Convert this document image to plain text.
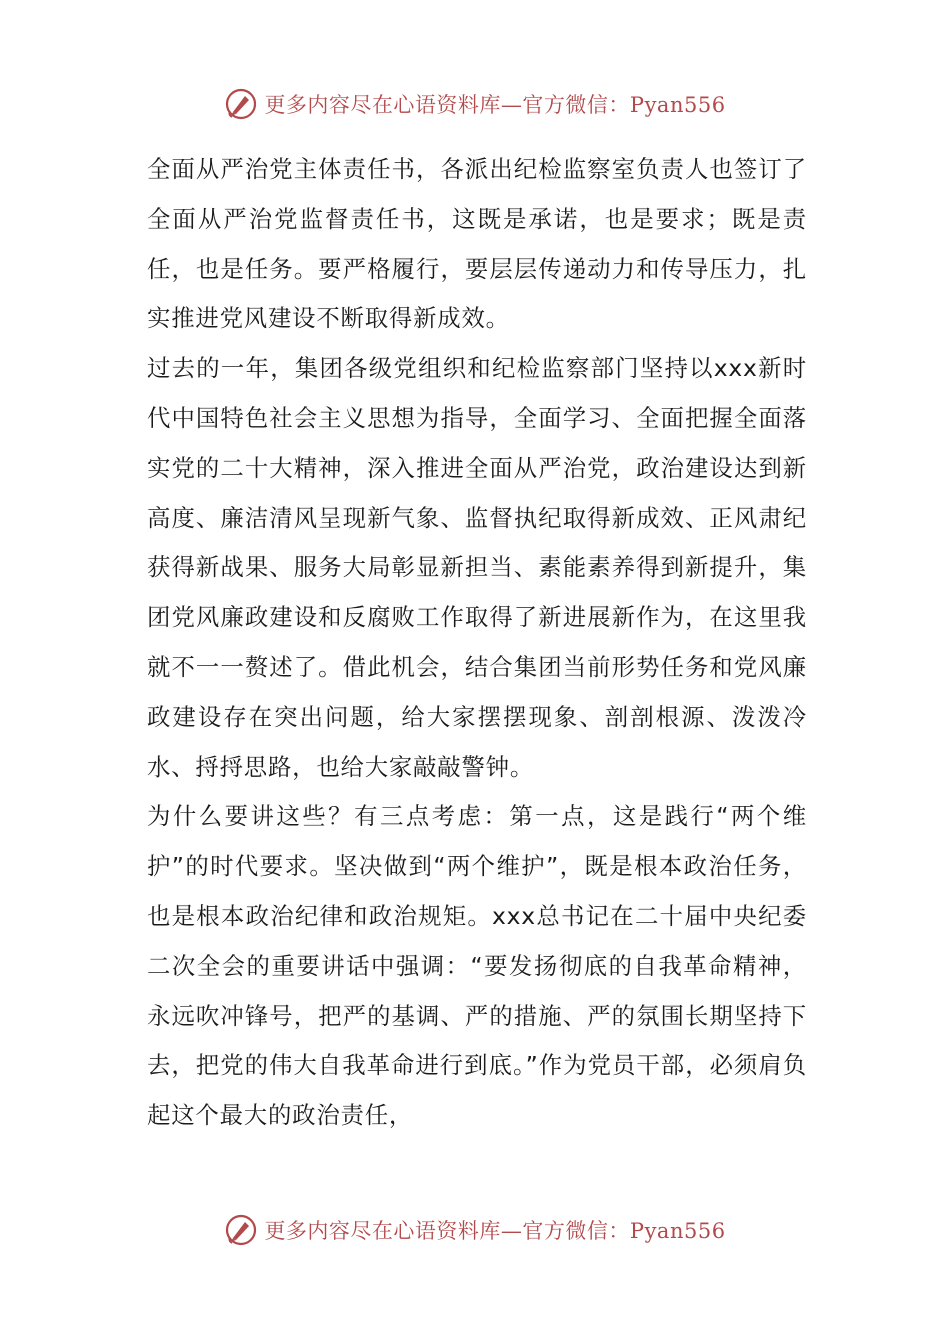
更多内容尽在心语资料库—官方微信：Pyan556

全面从严治党主体责任书，各派出纪检监察室负责人也签订了全面从严治党监督责任书，这既是承诺，也是要求；既是责任，也是任务。要严格履行，要层层传递动力和传导压力，扎实推进党风建设不断取得新成效。

过去的一年，集团各级党组织和纪检监察部门坚持以xxx新时代中国特色社会主义思想为指导，全面学习、全面把握全面落实党的二十大精神，深入推进全面从严治党，政治建设达到新高度、廉洁清风呈现新气象、监督执纪取得新成效、正风肃纪获得新战果、服务大局彰显新担当、素能素养得到新提升，集团党风廉政建设和反腐败工作取得了新进展新作为，在这里我就不一一赘述了。借此机会，结合集团当前形势任务和党风廉政建设存在突出问题，给大家摆摆现象、剖剖根源、泼泼冷水、捋捋思路，也给大家敲敲警钟。

为什么要讲这些？有三点考虑：第一点，这是践行“两个维护”的时代要求。坚决做到“两个维护”，既是根本政治任务，也是根本政治纪律和政治规矩。xxx总书记在二十届中央纪委二次全会的重要讲话中强调：“要发扬彻底的自我革命精神，永远吹冲锋号，把严的基调、严的措施、严的氛围长期坚持下去，把党的伟大自我革命进行到底。”作为党员干部，必须肩负起这个最大的政治责任，

更多内容尽在心语资料库—官方微信：Pyan556
